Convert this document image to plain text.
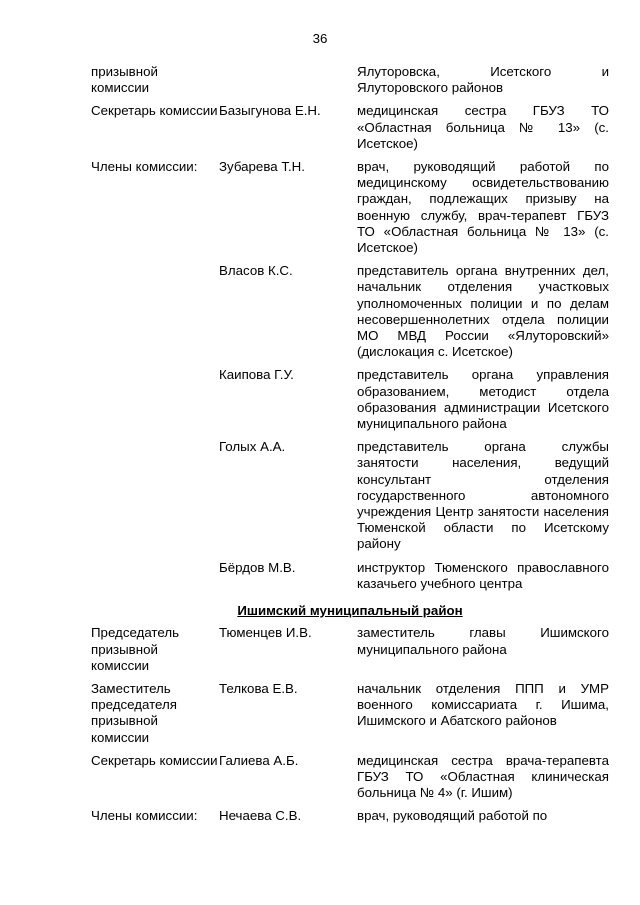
36
призывной комиссии		Ялуторовска, Исетского и Ялуторовского районов
Секретарь комиссии	Базыгунова Е.Н.	медицинская сестра ГБУЗ ТО «Областная больница № 13» (с. Исетское)
Члены комиссии:	Зубарева Т.Н.	врач, руководящий работой по медицинскому освидетельствованию граждан, подлежащих призыву на военную службу, врач-терапевт ГБУЗ ТО «Областная больница № 13» (с. Исетское)
	Власов К.С.	представитель органа внутренних дел, начальник отделения участковых уполномоченных полиции и по делам несовершеннолетних отдела полиции МО МВД России «Ялуторовский» (дислокация с. Исетское)
	Каипова Г.У.	представитель органа управления образованием, методист отдела образования администрации Исетского муниципального района
	Голых А.А.	представитель органа службы занятости населения, ведущий консультант отделения государственного автономного учреждения Центр занятости населения Тюменской области по Исетскому району
	Бёрдов М.В.	инструктор Тюменского православного казачьего учебного центра
Ишимский муниципальный район		
Председатель призывной комиссии	Тюменцев И.В.	заместитель главы Ишимского муниципального района
Заместитель председателя призывной комиссии	Телкова Е.В.	начальник отделения ППП и УМР военного комиссариата г. Ишима, Ишимского и Абатского районов
Секретарь комиссии	Галиева А.Б.	медицинская сестра врача-терапевта ГБУЗ ТО «Областная клиническая больница № 4» (г. Ишим)
Члены комиссии:	Нечаева С.В.	врач, руководящий работой по
